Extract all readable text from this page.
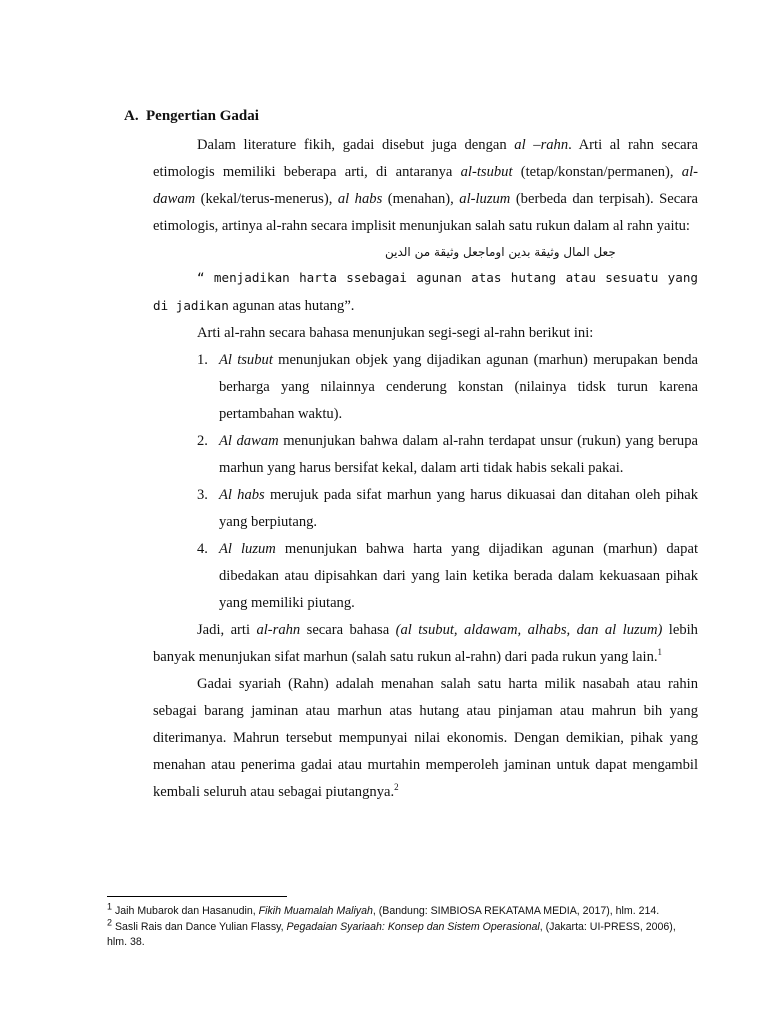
A. Pengertian Gadai

Dalam literature fikih, gadai disebut juga dengan al –rahn. Arti al rahn secara etimologis memiliki beberapa arti, di antaranya al-tsubut (tetap/konstan/permanen), al-dawam (kekal/terus-menerus), al habs (menahan), al-luzum (berbeda dan terpisah). Secara etimologis, artinya al-rahn secara implisit menunjukan salah satu rukun dalam al rahn yaitu:

جعل المال وثيقة بدين اوماجعل وثيقة من الدين

“ menjadikan harta ssebagai agunan atas hutang atau sesuatu yang di jadikan agunan atas hutang”.

Arti al-rahn secara bahasa menunjukan segi-segi al-rahn berikut ini:

1. Al tsubut menunjukan objek yang dijadikan agunan (marhun) merupakan benda berharga yang nilainnya cenderung konstan (nilainya tidsk turun karena pertambahan waktu).
2. Al dawam menunjukan bahwa dalam al-rahn terdapat unsur (rukun) yang berupa marhun yang harus bersifat kekal, dalam arti tidak habis sekali pakai.
3. Al habs merujuk pada sifat marhun yang harus dikuasai dan ditahan oleh pihak yang berpiutang.
4. Al luzum menunjukan bahwa harta yang dijadikan agunan (marhun) dapat dibedakan atau dipisahkan dari yang lain ketika berada dalam kekuasaan pihak yang memiliki piutang.

Jadi, arti al-rahn secara bahasa (al tsubut, aldawam, alhabs, dan al luzum) lebih banyak menunjukan sifat marhun (salah satu rukun al-rahn) dari pada rukun yang lain.$^1$

Gadai syariah (Rahn) adalah menahan salah satu harta milik nasabah atau rahin sebagai barang jaminan atau marhun atas hutang atau pinjaman atau mahrun bih yang diterimanya. Mahrun tersebut mempunyai nilai ekonomis. Dengan demikian, pihak yang menahan atau penerima gadai atau murtahin memperoleh jaminan untuk dapat mengambil kembali seluruh atau sebagai piutangnya.$^2$

$^1$ Jaih Mubarok dan Hasanudin, Fikih Muamalah Maliyah, (Bandung: SIMBIOSA REKATAMA MEDIA, 2017), hlm. 214.

$^2$ Sasli Rais dan Dance Yulian Flassy, Pegadaian Syariaah: Konsep dan Sistem Operasional, (Jakarta: UI-PRESS, 2006), hlm. 38.
